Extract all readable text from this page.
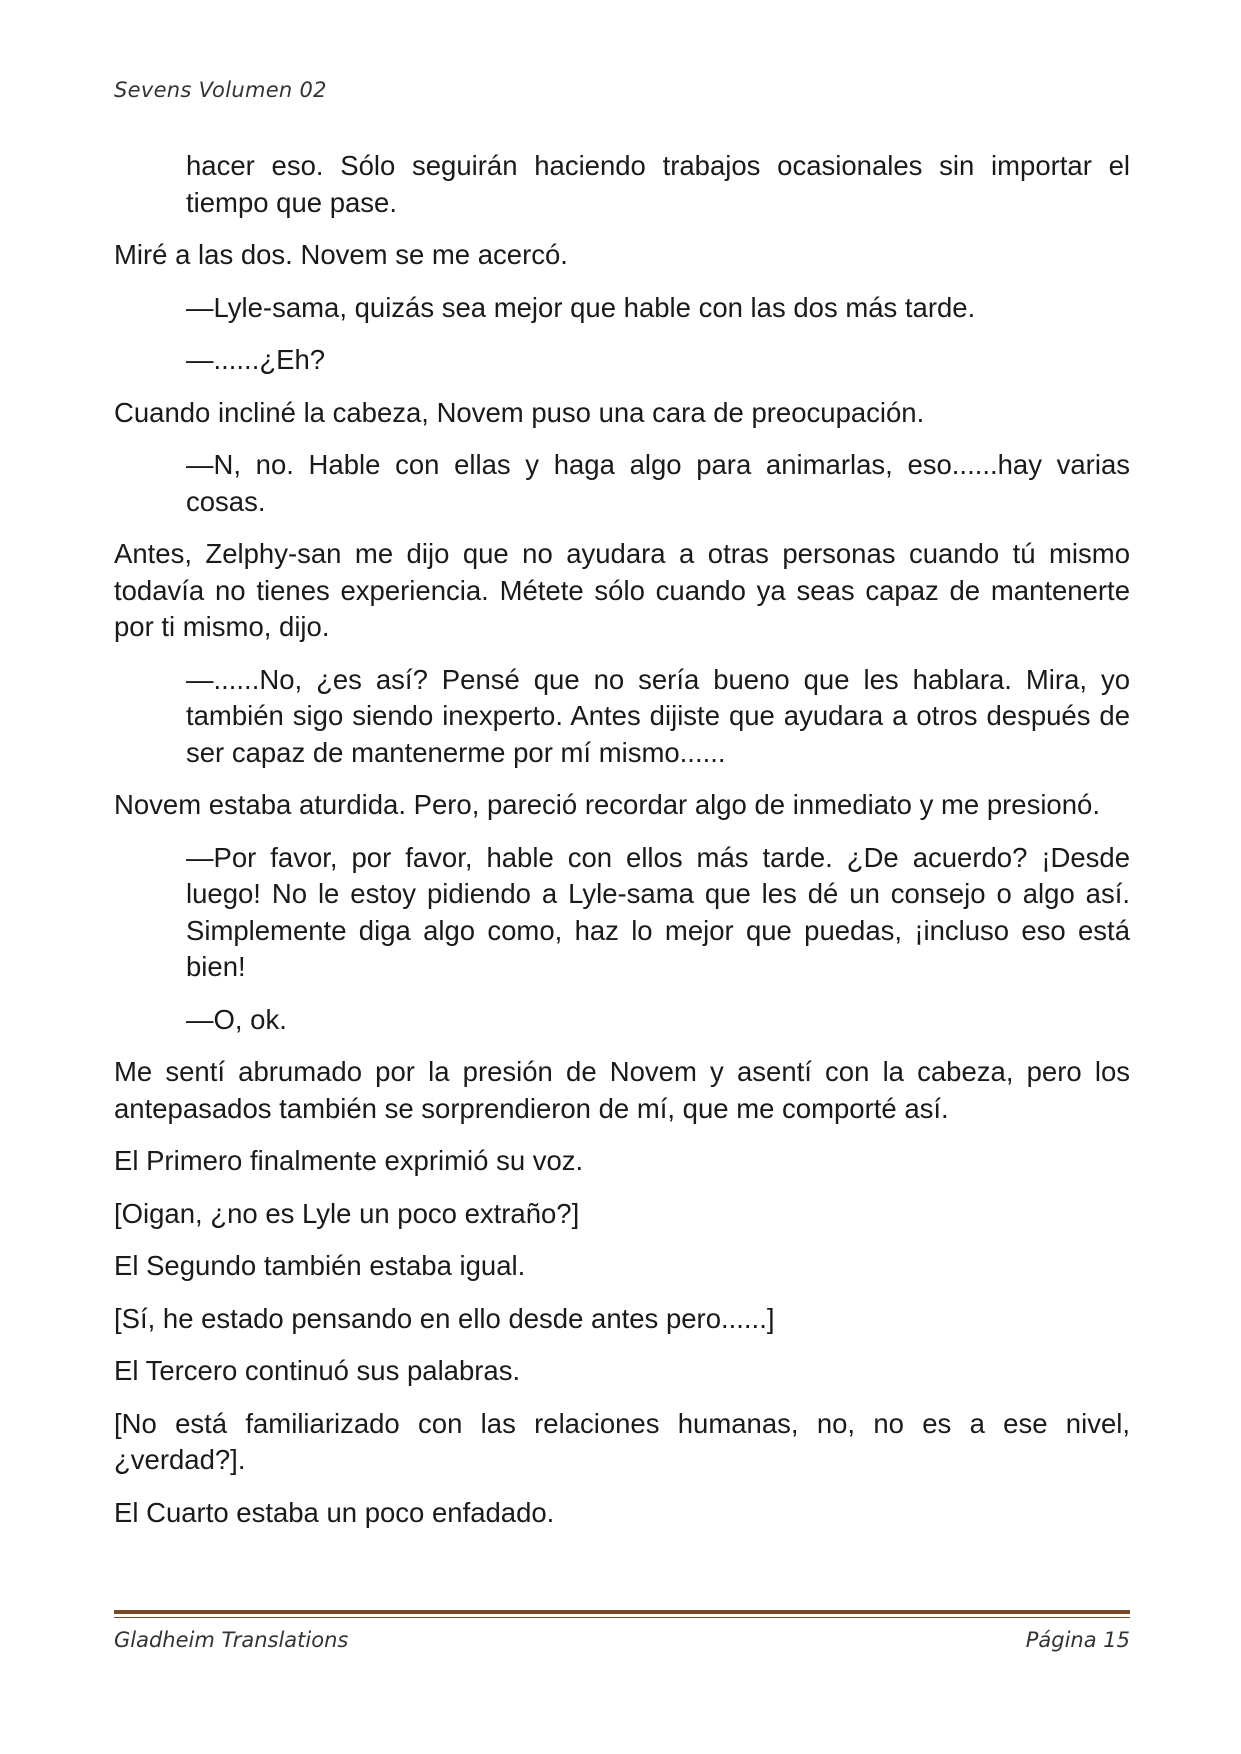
Sevens Volumen 02

hacer eso. Sólo seguirán haciendo trabajos ocasionales sin importar el tiempo que pase.

Miré a las dos. Novem se me acercó.

—Lyle-sama, quizás sea mejor que hable con las dos más tarde.

—......¿Eh?

Cuando incliné la cabeza, Novem puso una cara de preocupación.

—N, no. Hable con ellas y haga algo para animarlas, eso......hay varias cosas.

Antes, Zelphy-san me dijo que no ayudara a otras personas cuando tú mismo todavía no tienes experiencia. Métete sólo cuando ya seas capaz de mantenerte por ti mismo, dijo.

—......No, ¿es así? Pensé que no sería bueno que les hablara. Mira, yo también sigo siendo inexperto. Antes dijiste que ayudara a otros después de ser capaz de mantenerme por mí mismo......

Novem estaba aturdida. Pero, pareció recordar algo de inmediato y me presionó.

—Por favor, por favor, hable con ellos más tarde. ¿De acuerdo? ¡Desde luego! No le estoy pidiendo a Lyle-sama que les dé un consejo o algo así. Simplemente diga algo como, haz lo mejor que puedas, ¡incluso eso está bien!

—O, ok.

Me sentí abrumado por la presión de Novem y asentí con la cabeza, pero los antepasados también se sorprendieron de mí, que me comporté así.

El Primero finalmente exprimió su voz.

[Oigan, ¿no es Lyle un poco extraño?]

El Segundo también estaba igual.

[Sí, he estado pensando en ello desde antes pero......]

El Tercero continuó sus palabras.

[No está familiarizado con las relaciones humanas, no, no es a ese nivel, ¿verdad?].

El Cuarto estaba un poco enfadado.

Gladheim Translations	Página 15
